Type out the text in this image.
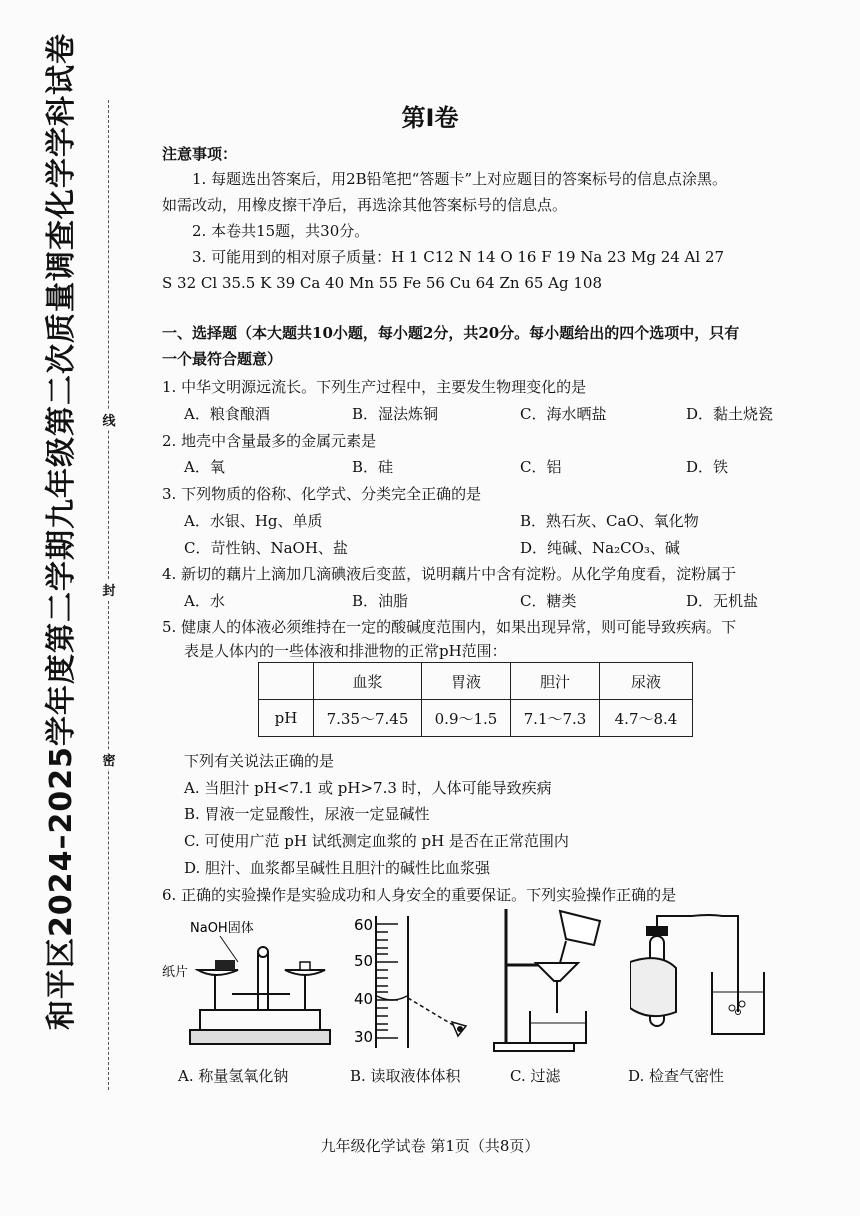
和平区2024–2025学年度第二学期九年级第二次质量调查化学学科试卷 线
封
密
第Ⅰ卷
注意事项：
1. 每题选出答案后，用2B铅笔把“答题卡”上对应题目的答案标号的信息点涂黑。
如需改动，用橡皮擦干净后，再选涂其他答案标号的信息点。
2. 本卷共15题，共30分。
3. 可能用到的相对原子质量：H 1 C12 N 14 O 16 F 19 Na 23 Mg 24 Al 27
S 32 Cl 35.5 K 39 Ca 40 Mn 55 Fe 56 Cu 64 Zn 65 Ag 108
一、选择题（本大题共10小题，每小题2分，共20分。每小题给出的四个选项中，只有
一个最符合题意）
1. 中华文明源远流长。下列生产过程中，主要发生物理变化的是
A．粮食酿酒	B．湿法炼铜	C．海水晒盐	D．黏土烧瓷
2. 地壳中含量最多的金属元素是
A．氧	B．硅	C．铝	D．铁
3. 下列物质的俗称、化学式、分类完全正确的是
A．水银、Hg、单质	B．熟石灰、CaO、氧化物
C．苛性钠、NaOH、盐	D．纯碱、Na₂CO₃、碱
4. 新切的藕片上滴加几滴碘液后变蓝，说明藕片中含有淀粉。从化学角度看，淀粉属于
A．水	B．油脂	C．糖类	D．无机盐
5. 健康人的体液必须维持在一定的酸碱度范围内，如果出现异常，则可能导致疾病。下
表是人体内的一些体液和排泄物的正常pH范围：
	血浆	胃液	胆汁	尿液
pH	7.35～7.45	0.9～1.5	7.1～7.3	4.7～8.4
下列有关说法正确的是
A. 当胆汁 pH<7.1 或 pH>7.3 时，人体可能导致疾病
B. 胃液一定显酸性，尿液一定显碱性
C. 可使用广范 pH 试纸测定血浆的 pH 是否在正常范围内
D. 胆汁、血浆都呈碱性且胆汁的碱性比血浆强
6. 正确的实验操作是实验成功和人身安全的重要保证。下列实验操作正确的是
NaOH固体
纸片
60
50
40
30
A. 称量氢氧化钠	B. 读取液体体积	C. 过滤	D. 检查气密性
九年级化学试卷 第1页（共8页）
